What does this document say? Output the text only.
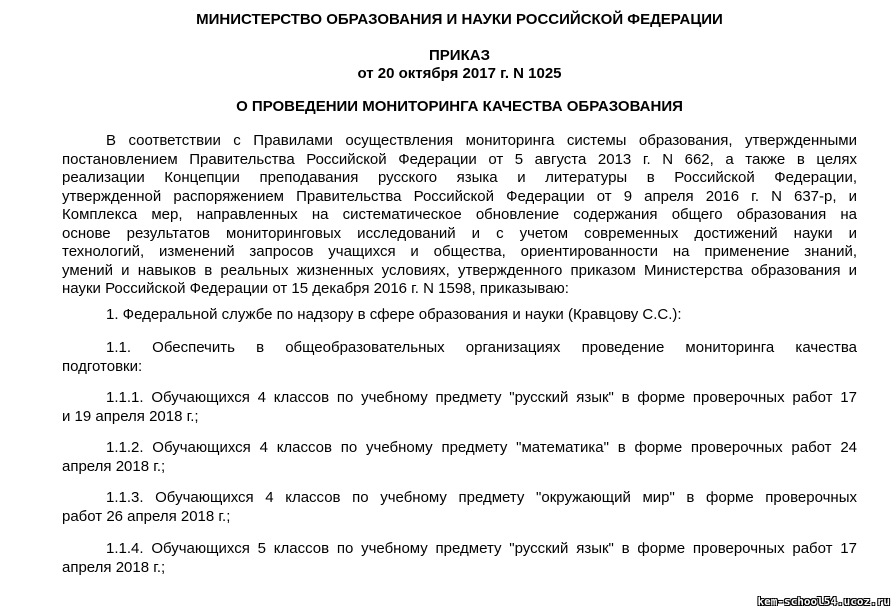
МИНИСТЕРСТВО ОБРАЗОВАНИЯ И НАУКИ РОССИЙСКОЙ ФЕДЕРАЦИИ

ПРИКАЗ

от 20 октября 2017 г. N 1025

О ПРОВЕДЕНИИ МОНИТОРИНГА КАЧЕСТВА ОБРАЗОВАНИЯ

В соответствии с Правилами осуществления мониторинга системы образования, утвержденными
постановлением Правительства Российской Федерации от 5 августа 2013 г. N 662, а также в целях
реализации Концепции преподавания русского языка и литературы в Российской Федерации,
утвержденной распоряжением Правительства Российской Федерации от 9 апреля 2016 г. N 637-р, и
Комплекса мер, направленных на систематическое обновление содержания общего образования на
основе результатов мониторинговых исследований и с учетом современных достижений науки и
технологий, изменений запросов учащихся и общества, ориентированности на применение знаний,
умений и навыков в реальных жизненных условиях, утвержденного приказом Министерства образования и
науки Российской Федерации от 15 декабря 2016 г. N 1598, приказываю:
1. Федеральной службе по надзору в сфере образования и науки (Кравцову С.С.):
1.1. Обеспечить в общеобразовательных организациях проведение мониторинга качества
подготовки:
1.1.1. Обучающихся 4 классов по учебному предмету "русский язык" в форме проверочных работ 17
и 19 апреля 2018 г.;
1.1.2. Обучающихся 4 классов по учебному предмету "математика" в форме проверочных работ 24
апреля 2018 г.;
1.1.3. Обучающихся 4 классов по учебному предмету "окружающий мир" в форме проверочных
работ 26 апреля 2018 г.;
1.1.4. Обучающихся 5 классов по учебному предмету "русский язык" в форме проверочных работ 17
апреля 2018 г.;
kem-school54.ucoz.ru
